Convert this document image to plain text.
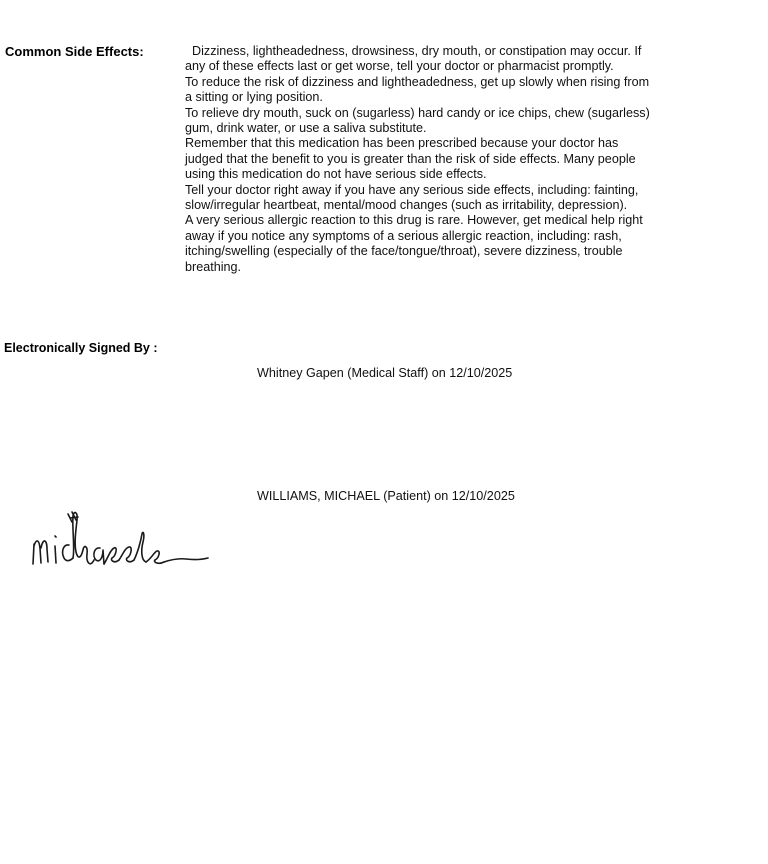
Common Side Effects:	Dizziness, lightheadedness, drowsiness, dry mouth, or constipation may occur. If any of these effects last or get worse, tell your doctor or pharmacist promptly.

To reduce the risk of dizziness and lightheadedness, get up slowly when rising from a sitting or lying position.

To relieve dry mouth, suck on (sugarless) hard candy or ice chips, chew (sugarless) gum, drink water, or use a saliva substitute.

Remember that this medication has been prescribed because your doctor has judged that the benefit to you is greater than the risk of side effects. Many people using this medication do not have serious side effects.

Tell your doctor right away if you have any serious side effects, including: fainting, slow/irregular heartbeat, mental/mood changes (such as irritability, depression).

A very serious allergic reaction to this drug is rare. However, get medical help right away if you notice any symptoms of a serious allergic reaction, including: rash, itching/swelling (especially of the face/tongue/throat), severe dizziness, trouble breathing.

Electronically Signed By :
Whitney Gapen (Medical Staff) on 12/10/2025
WILLIAMS, MICHAEL (Patient) on 12/10/2025
